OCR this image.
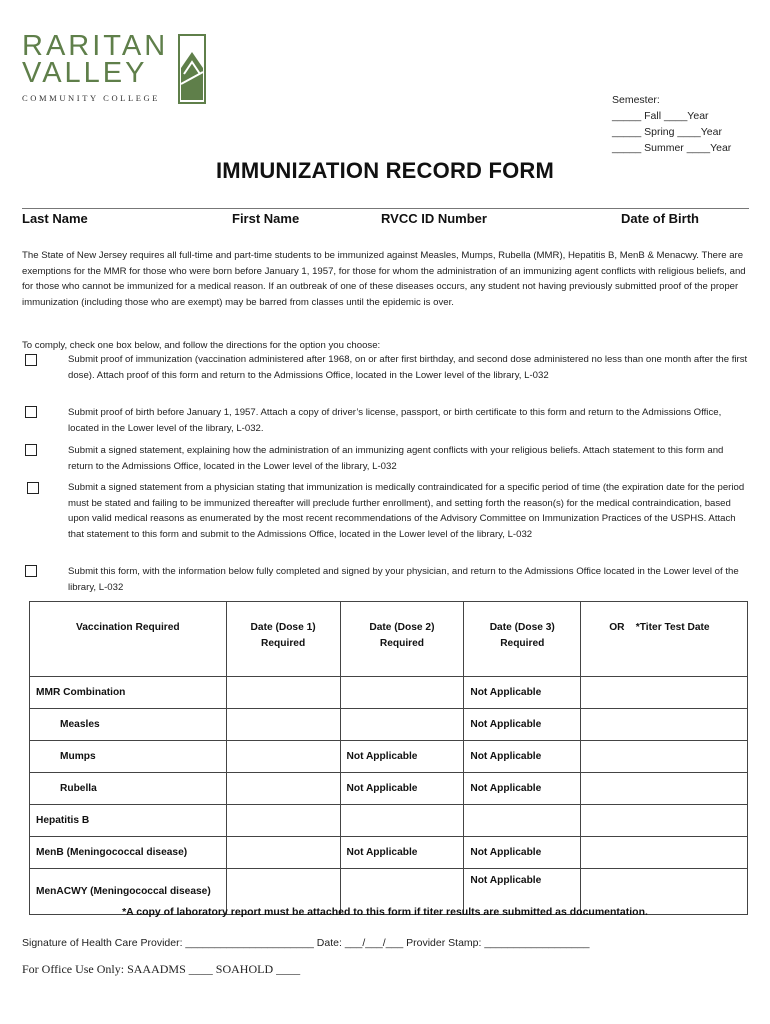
RARITAN
VALLEY
COMMUNITY COLLEGE	Semester:
_____ Fall ____Year
_____ Spring ____Year
_____ Summer ____Year
IMMUNIZATION RECORD FORM
Last Name	First Name	RVCC ID Number	Date of Birth
The State of New Jersey requires all full-time and part-time students to be immunized against Measles, Mumps, Rubella (MMR), Hepatitis B, MenB & Menacwy. There are exemptions for the MMR for those who were born before January 1, 1957, for those for whom the administration of an immunizing agent conflicts with religious beliefs, and for those who cannot be immunized for a medical reason. If an outbreak of one of these diseases occurs, any student not having previously submitted proof of the proper immunization (including those who are exempt) may be barred from classes until the epidemic is over.
To comply, check one box below, and follow the directions for the option you choose:
Submit proof of immunization (vaccination administered after 1968, on or after first birthday, and second dose administered no less than one month after the first dose). Attach proof of this form and return to the Admissions Office, located in the Lower level of the library, L-032
Submit proof of birth before January 1, 1957. Attach a copy of driver’s license, passport, or birth certificate to this form and return to the Admissions Office, located in the Lower level of the library, L-032.
Submit a signed statement, explaining how the administration of an immunizing agent conflicts with your religious beliefs. Attach statement to this form and return to the Admissions Office, located in the Lower level of the library, L-032
Submit a signed statement from a physician stating that immunization is medically contraindicated for a specific period of time (the expiration date for the period must be stated and failing to be immunized thereafter will preclude further enrollment), and setting forth the reason(s) for the medical contraindication, based upon valid medical reasons as enumerated by the most recent recommendations of the Advisory Committee on Immunization Practices of the USPHS. Attach that statement to this form and submit to the Admissions Office, located in the Lower level of the library, L-032
Submit this form, with the information below fully completed and signed by your physician, and return to the Admissions Office located in the Lower level of the library, L-032
Vaccination Required	Date (Dose 1) Required	Date (Dose 2) Required	Date (Dose 3) Required	OR *Titer Test Date
MMR Combination			Not Applicable	
Measles			Not Applicable	
Mumps		Not Applicable	Not Applicable	
Rubella		Not Applicable	Not Applicable	
Hepatitis B				
MenB (Meningococcal disease)		Not Applicable	Not Applicable	
MenACWY (Meningococcal disease)			Not Applicable	
*A copy of laboratory report must be attached to this form if titer results are submitted as documentation.
Signature of Health Care Provider: ______________________ Date: ___/___/___ Provider Stamp: __________________
For Office Use Only: SAAADMS ____ SOAHOLD ____
